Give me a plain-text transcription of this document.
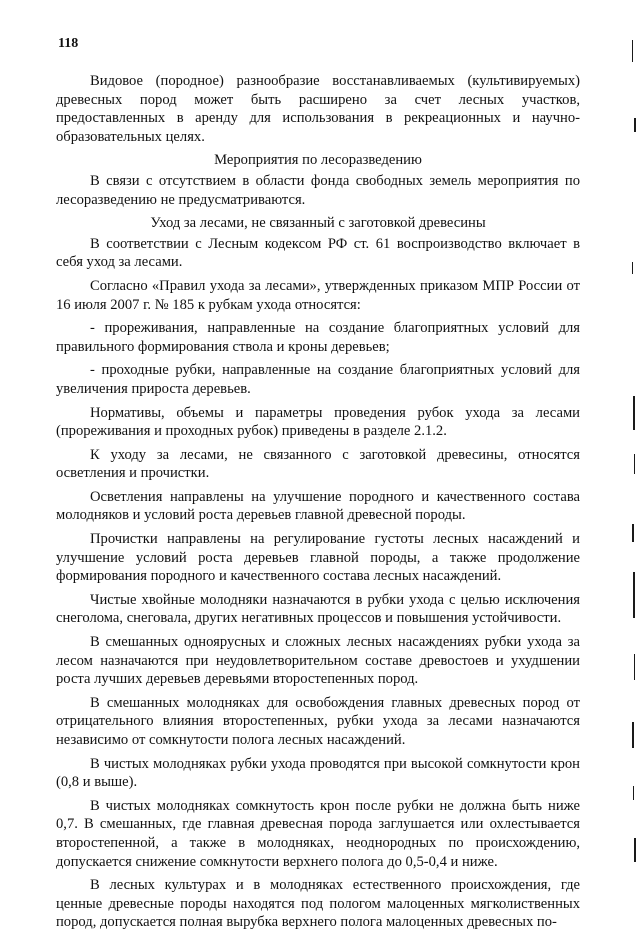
118

Видовое (породное) разнообразие восстанавливаемых (культивируемых) древесных пород может быть расширено за счет лесных участков, предоставленных в аренду для использования в рекреационных и научно-образовательных целях.

Мероприятия по лесоразведению

В связи с отсутствием в области фонда свободных земель мероприятия по лесоразведению не предусматриваются.

Уход за лесами, не связанный с заготовкой древесины

В соответствии с Лесным кодексом РФ ст. 61 воспроизводство включает в себя уход за лесами.

Согласно «Правил ухода за лесами», утвержденных приказом МПР России от 16 июля 2007 г. № 185 к рубкам ухода относятся:

- прореживания, направленные на создание благоприятных условий для правильного формирования ствола и кроны деревьев;

- проходные рубки, направленные на создание благоприятных условий для увеличения прироста деревьев.

Нормативы, объемы и параметры проведения рубок ухода за лесами (прореживания и проходных рубок) приведены в разделе 2.1.2.

К уходу за лесами, не связанного с заготовкой древесины, относятся осветления и прочистки.

Осветления направлены на улучшение породного и качественного состава молодняков и условий роста деревьев главной древесной породы.

Прочистки направлены на регулирование густоты лесных насаждений и улучшение условий роста деревьев главной породы, а также продолжение формирования породного и качественного состава лесных насаждений.

Чистые хвойные молодняки назначаются в рубки ухода с целью исключения снеголома, снеговала, других негативных процессов и повышения устойчивости.

В смешанных одноярусных и сложных лесных насаждениях рубки ухода за лесом назначаются при неудовлетворительном составе древостоев и ухудшении роста лучших деревьев деревьями второстепенных пород.

В смешанных молодняках для освобождения главных древесных пород от отрицательного влияния второстепенных, рубки ухода за лесами назначаются независимо от сомкнутости полога лесных насаждений.

В чистых молодняках рубки ухода проводятся при высокой сомкнутости крон (0,8 и выше).

В чистых молодняках сомкнутость крон после рубки не должна быть ниже 0,7. В смешанных, где главная древесная порода заглушается или охлестывается второстепенной, а также в молодняках, неоднородных по происхождению, допускается снижение сомкнутости верхнего полога до 0,5-0,4 и ниже.

В лесных культурах и в молодняках естественного происхождения, где ценные древесные породы находятся под пологом малоценных мягколиственных пород, допускается полная вырубка верхнего полога малоценных древесных по-
